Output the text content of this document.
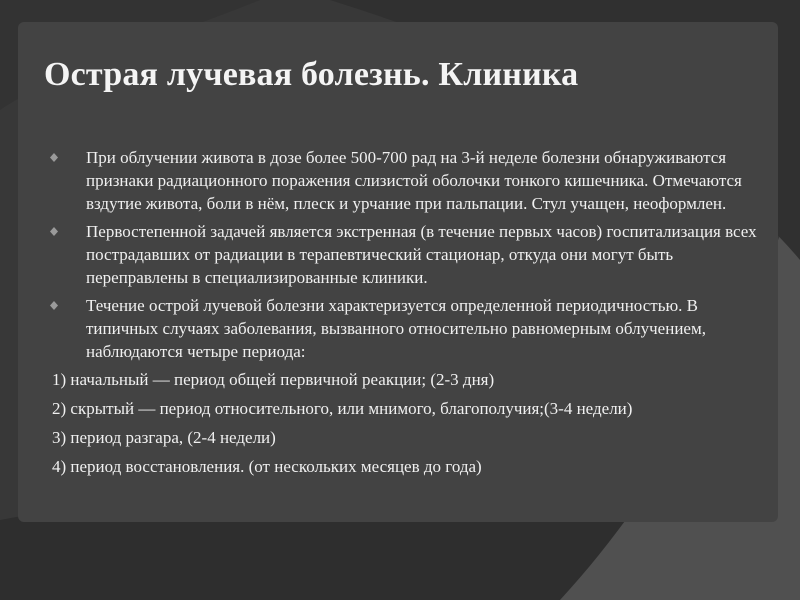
Острая лучевая болезнь. Клиника
При облучении живота в дозе более 500-700 рад на 3-й неделе болезни обнаруживаются признаки радиационного поражения слизистой оболочки тонкого кишечника. Отмечаются вздутие живота, боли в нём, плеск и урчание при пальпации. Стул учащен, неоформлен.
Первостепенной задачей является экстренная (в течение первых часов) госпитализация всех пострадавших от радиации в терапевтический стационар, откуда они могут быть переправлены в специализированные клиники.
Течение острой лучевой болезни характеризуется определенной периодичностью. В типичных случаях заболевания, вызванного относительно равномерным облучением, наблюдаются четыре периода:
1) начальный — период общей первичной реакции; (2-3 дня)
2) скрытый — период относительного, или мнимого, благополучия;(3-4 недели)
3) период разгара, (2-4 недели)
4) период восстановления. (от нескольких месяцев до года)
